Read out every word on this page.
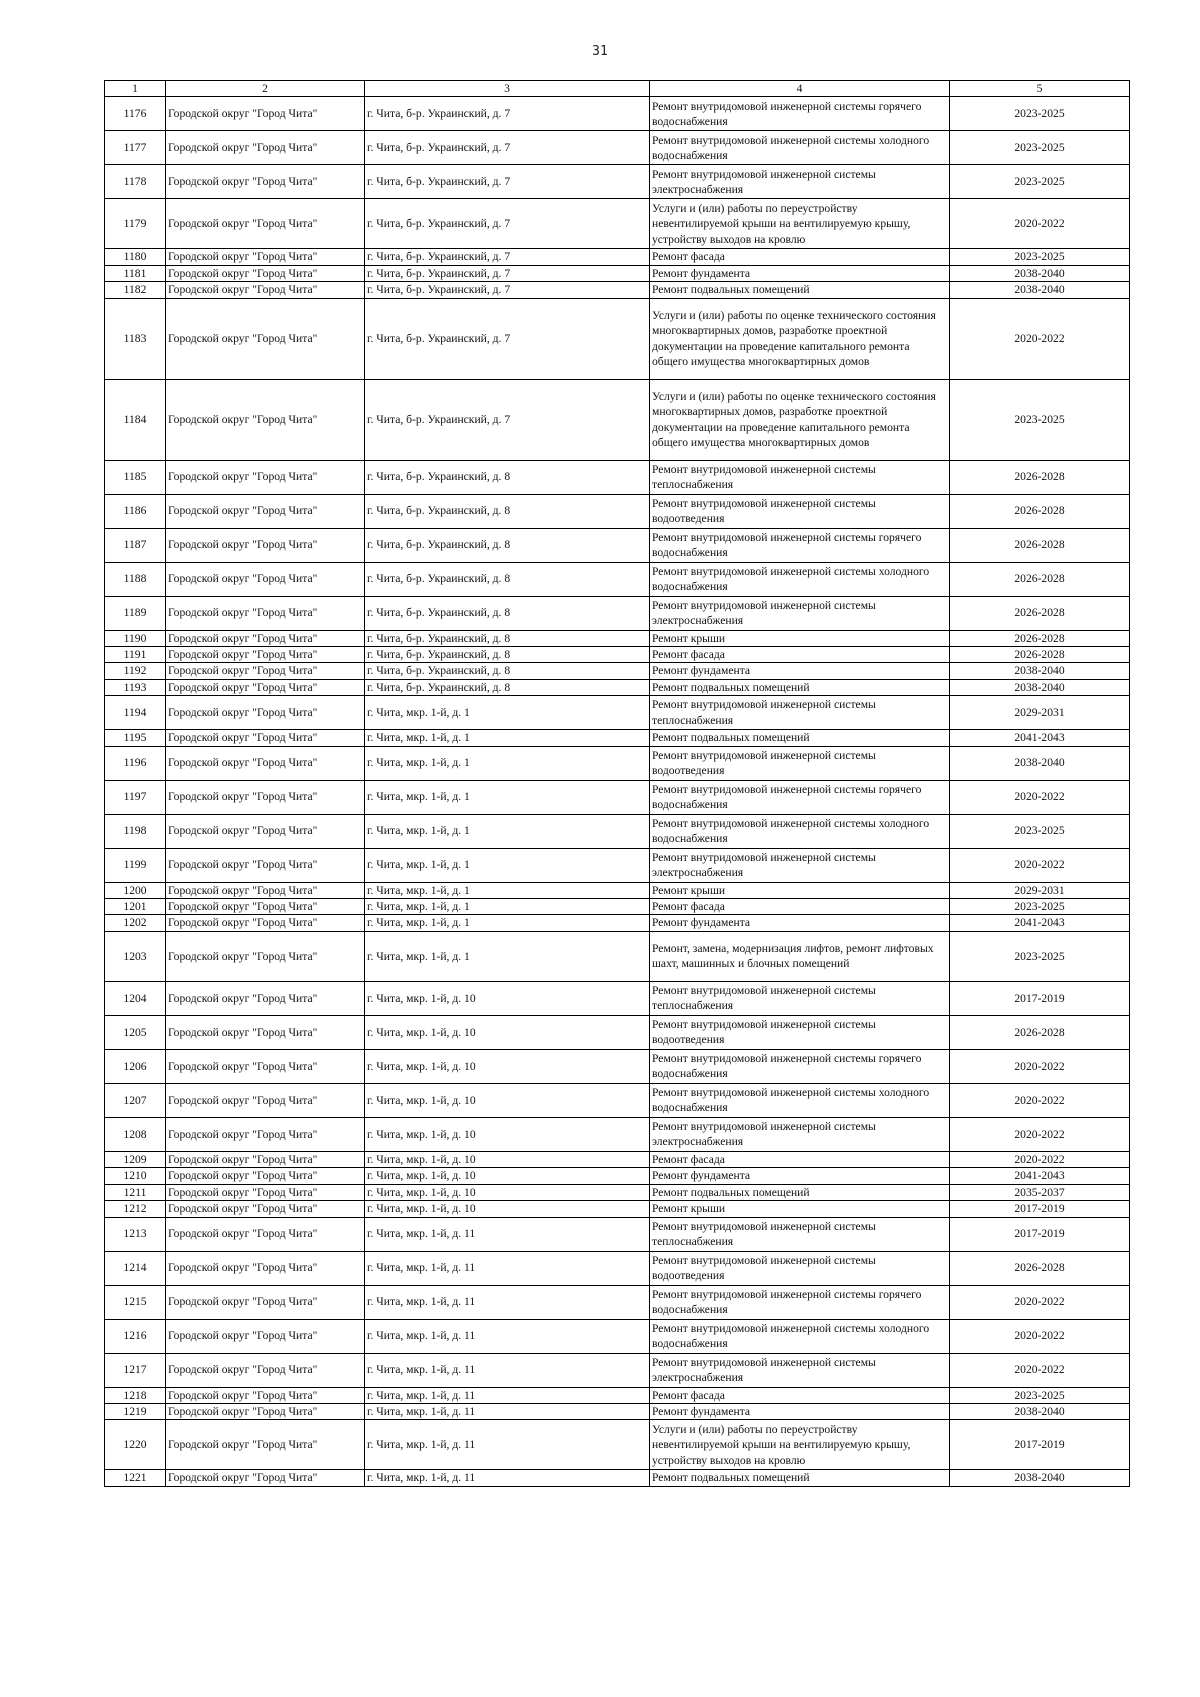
31
1	2	3	4	5
1176	Городской округ "Город Чита"	г. Чита, б-р. Украинский, д. 7	Ремонт внутридомовой инженерной системы горячего водоснабжения	2023-2025
1177	Городской округ "Город Чита"	г. Чита, б-р. Украинский, д. 7	Ремонт внутридомовой инженерной системы холодного водоснабжения	2023-2025
1178	Городской округ "Город Чита"	г. Чита, б-р. Украинский, д. 7	Ремонт внутридомовой инженерной системы электроснабжения	2023-2025
1179	Городской округ "Город Чита"	г. Чита, б-р. Украинский, д. 7	Услуги и (или) работы по переустройству невентилируемой крыши на вентилируемую крышу, устройству выходов на кровлю	2020-2022
1180	Городской округ "Город Чита"	г. Чита, б-р. Украинский, д. 7	Ремонт фасада	2023-2025
1181	Городской округ "Город Чита"	г. Чита, б-р. Украинский, д. 7	Ремонт фундамента	2038-2040
1182	Городской округ "Город Чита"	г. Чита, б-р. Украинский, д. 7	Ремонт подвальных помещений	2038-2040
1183	Городской округ "Город Чита"	г. Чита, б-р. Украинский, д. 7	Услуги и (или) работы по оценке технического состояния многоквартирных домов, разработке проектной документации на проведение капитального ремонта общего имущества многоквартирных домов	2020-2022
1184	Городской округ "Город Чита"	г. Чита, б-р. Украинский, д. 7	Услуги и (или) работы по оценке технического состояния многоквартирных домов, разработке проектной документации на проведение капитального ремонта общего имущества многоквартирных домов	2023-2025
1185	Городской округ "Город Чита"	г. Чита, б-р. Украинский, д. 8	Ремонт внутридомовой инженерной системы теплоснабжения	2026-2028
1186	Городской округ "Город Чита"	г. Чита, б-р. Украинский, д. 8	Ремонт внутридомовой инженерной системы водоотведения	2026-2028
1187	Городской округ "Город Чита"	г. Чита, б-р. Украинский, д. 8	Ремонт внутридомовой инженерной системы горячего водоснабжения	2026-2028
1188	Городской округ "Город Чита"	г. Чита, б-р. Украинский, д. 8	Ремонт внутридомовой инженерной системы холодного водоснабжения	2026-2028
1189	Городской округ "Город Чита"	г. Чита, б-р. Украинский, д. 8	Ремонт внутридомовой инженерной системы электроснабжения	2026-2028
1190	Городской округ "Город Чита"	г. Чита, б-р. Украинский, д. 8	Ремонт крыши	2026-2028
1191	Городской округ "Город Чита"	г. Чита, б-р. Украинский, д. 8	Ремонт фасада	2026-2028
1192	Городской округ "Город Чита"	г. Чита, б-р. Украинский, д. 8	Ремонт фундамента	2038-2040
1193	Городской округ "Город Чита"	г. Чита, б-р. Украинский, д. 8	Ремонт подвальных помещений	2038-2040
1194	Городской округ "Город Чита"	г. Чита, мкр. 1-й, д. 1	Ремонт внутридомовой инженерной системы теплоснабжения	2029-2031
1195	Городской округ "Город Чита"	г. Чита, мкр. 1-й, д. 1	Ремонт подвальных помещений	2041-2043
1196	Городской округ "Город Чита"	г. Чита, мкр. 1-й, д. 1	Ремонт внутридомовой инженерной системы водоотведения	2038-2040
1197	Городской округ "Город Чита"	г. Чита, мкр. 1-й, д. 1	Ремонт внутридомовой инженерной системы горячего водоснабжения	2020-2022
1198	Городской округ "Город Чита"	г. Чита, мкр. 1-й, д. 1	Ремонт внутридомовой инженерной системы холодного водоснабжения	2023-2025
1199	Городской округ "Город Чита"	г. Чита, мкр. 1-й, д. 1	Ремонт внутридомовой инженерной системы электроснабжения	2020-2022
1200	Городской округ "Город Чита"	г. Чита, мкр. 1-й, д. 1	Ремонт крыши	2029-2031
1201	Городской округ "Город Чита"	г. Чита, мкр. 1-й, д. 1	Ремонт фасада	2023-2025
1202	Городской округ "Город Чита"	г. Чита, мкр. 1-й, д. 1	Ремонт фундамента	2041-2043
1203	Городской округ "Город Чита"	г. Чита, мкр. 1-й, д. 1	Ремонт, замена, модернизация лифтов, ремонт лифтовых шахт, машинных и блочных помещений	2023-2025
1204	Городской округ "Город Чита"	г. Чита, мкр. 1-й, д. 10	Ремонт внутридомовой инженерной системы теплоснабжения	2017-2019
1205	Городской округ "Город Чита"	г. Чита, мкр. 1-й, д. 10	Ремонт внутридомовой инженерной системы водоотведения	2026-2028
1206	Городской округ "Город Чита"	г. Чита, мкр. 1-й, д. 10	Ремонт внутридомовой инженерной системы горячего водоснабжения	2020-2022
1207	Городской округ "Город Чита"	г. Чита, мкр. 1-й, д. 10	Ремонт внутридомовой инженерной системы холодного водоснабжения	2020-2022
1208	Городской округ "Город Чита"	г. Чита, мкр. 1-й, д. 10	Ремонт внутридомовой инженерной системы электроснабжения	2020-2022
1209	Городской округ "Город Чита"	г. Чита, мкр. 1-й, д. 10	Ремонт фасада	2020-2022
1210	Городской округ "Город Чита"	г. Чита, мкр. 1-й, д. 10	Ремонт фундамента	2041-2043
1211	Городской округ "Город Чита"	г. Чита, мкр. 1-й, д. 10	Ремонт подвальных помещений	2035-2037
1212	Городской округ "Город Чита"	г. Чита, мкр. 1-й, д. 10	Ремонт крыши	2017-2019
1213	Городской округ "Город Чита"	г. Чита, мкр. 1-й, д. 11	Ремонт внутридомовой инженерной системы теплоснабжения	2017-2019
1214	Городской округ "Город Чита"	г. Чита, мкр. 1-й, д. 11	Ремонт внутридомовой инженерной системы водоотведения	2026-2028
1215	Городской округ "Город Чита"	г. Чита, мкр. 1-й, д. 11	Ремонт внутридомовой инженерной системы горячего водоснабжения	2020-2022
1216	Городской округ "Город Чита"	г. Чита, мкр. 1-й, д. 11	Ремонт внутридомовой инженерной системы холодного водоснабжения	2020-2022
1217	Городской округ "Город Чита"	г. Чита, мкр. 1-й, д. 11	Ремонт внутридомовой инженерной системы электроснабжения	2020-2022
1218	Городской округ "Город Чита"	г. Чита, мкр. 1-й, д. 11	Ремонт фасада	2023-2025
1219	Городской округ "Город Чита"	г. Чита, мкр. 1-й, д. 11	Ремонт фундамента	2038-2040
1220	Городской округ "Город Чита"	г. Чита, мкр. 1-й, д. 11	Услуги и (или) работы по переустройству невентилируемой крыши на вентилируемую крышу, устройству выходов на кровлю	2017-2019
1221	Городской округ "Город Чита"	г. Чита, мкр. 1-й, д. 11	Ремонт подвальных помещений	2038-2040
